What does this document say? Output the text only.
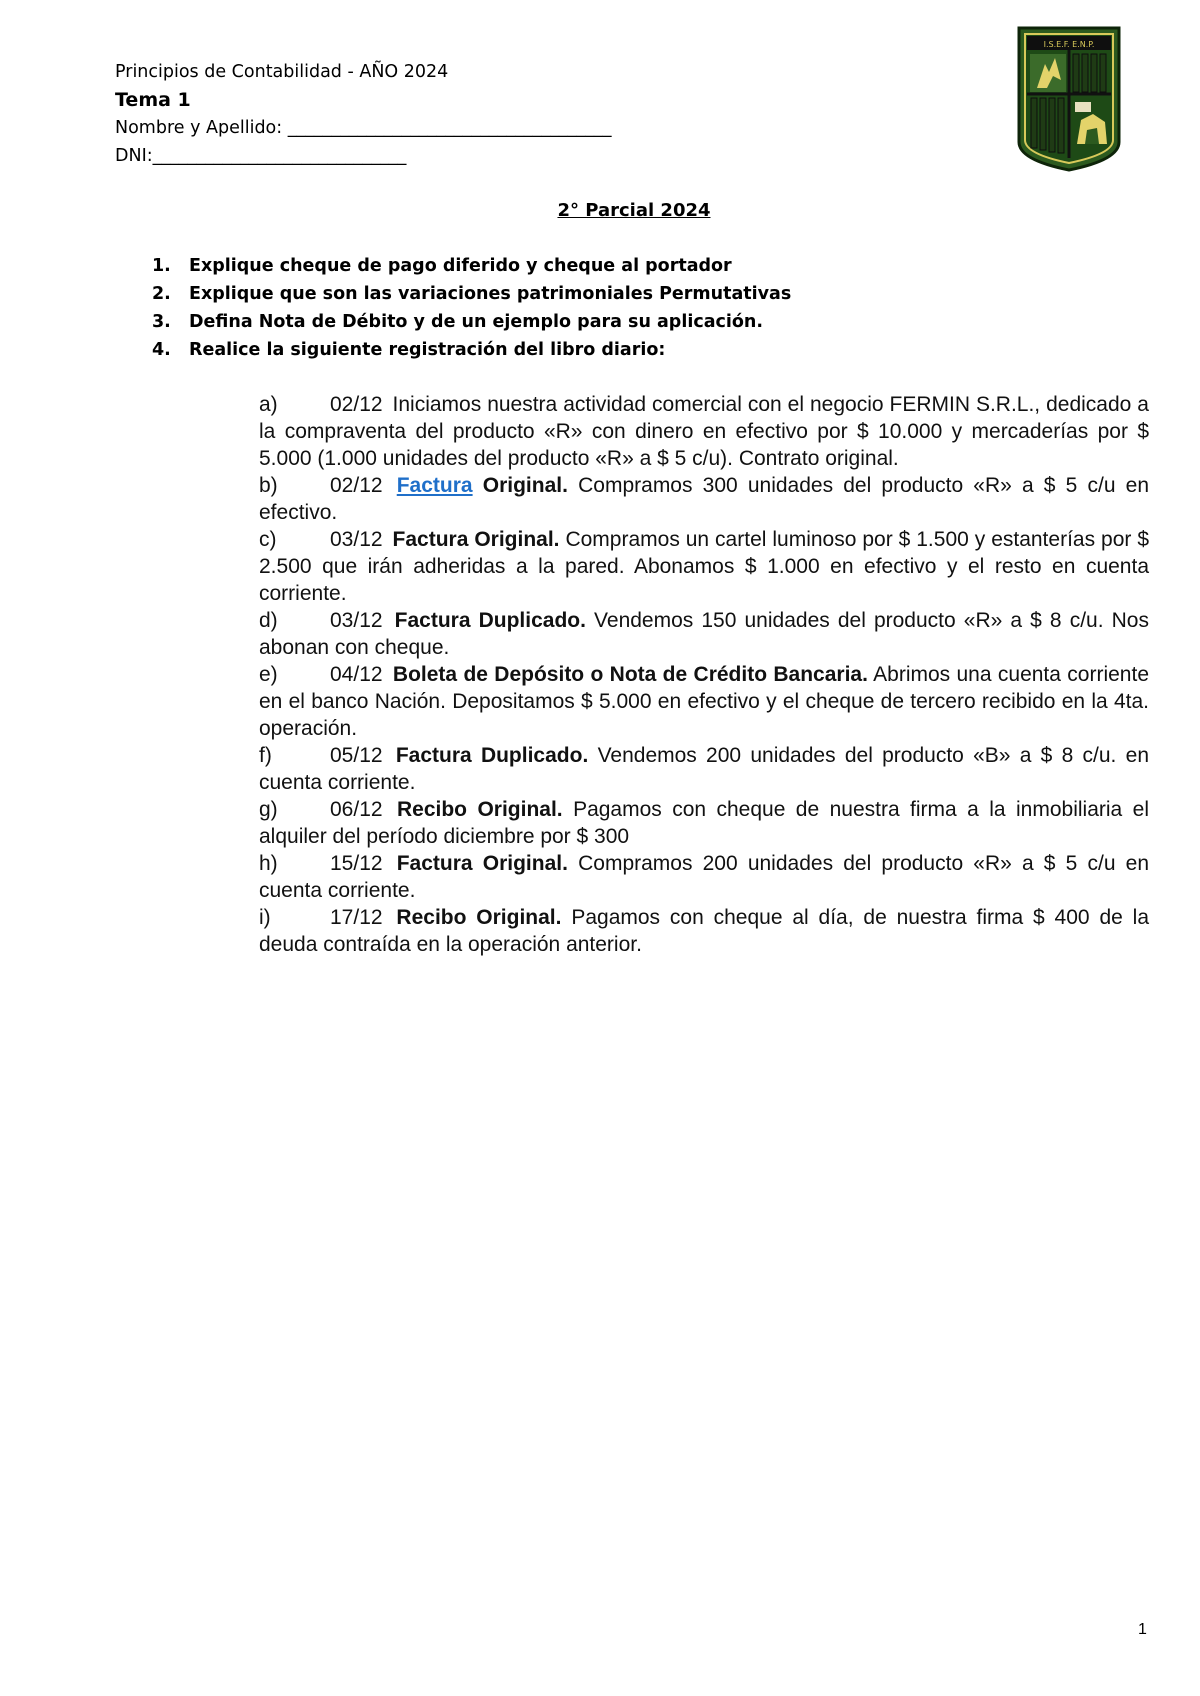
Principios de Contabilidad - AÑO 2024
Tema 1
Nombre y Apellido: _____________________________________
DNI:_____________________________
I.S.E.F. E.N.P.
2° Parcial 2024
1. Explique cheque de pago diferido y cheque al portador
2. Explique que son las variaciones patrimoniales Permutativas
3. Defina Nota de Débito y de un ejemplo para su aplicación.
4. Realice la siguiente registración del libro diario:

a) 02/12 Iniciamos nuestra actividad comercial con el negocio FERMIN S.R.L., dedicado a la compraventa del producto «R» con dinero en efectivo por $ 10.000 y mercaderías por $ 5.000 (1.000 unidades del producto «R» a $ 5 c/u). Contrato original.

b) 02/12 Factura Original. Compramos 300 unidades del producto «R» a $ 5 c/u en efectivo.

c)	03/12 Factura Original. Compramos un cartel luminoso por $ 1.500 y estanterías por $ 2.500 que irán adheridas a la pared. Abonamos $ 1.000 en efectivo y el resto en cuenta corriente.

d) 03/12 Factura Duplicado. Vendemos 150 unidades del producto «R» a $ 8 c/u. Nos abonan con cheque.

e) 04/12 Boleta de Depósito o Nota de Crédito Bancaria. Abrimos una cuenta corriente en el banco Nación. Depositamos $ 5.000 en efectivo y el cheque de tercero recibido en la 4ta. operación.

f)	05/12 Factura Duplicado. Vendemos 200 unidades del producto «B» a $ 8 c/u. en cuenta corriente.

g) 06/12 Recibo Original. Pagamos con cheque de nuestra firma a la inmobiliaria el alquiler del período diciembre por $ 300

h) 15/12 Factura Original. Compramos 200 unidades del producto «R» a $ 5 c/u en cuenta corriente.

i)	17/12 Recibo Original. Pagamos con cheque al día, de nuestra firma $ 400 de la deuda contraída en la operación anterior.

1
